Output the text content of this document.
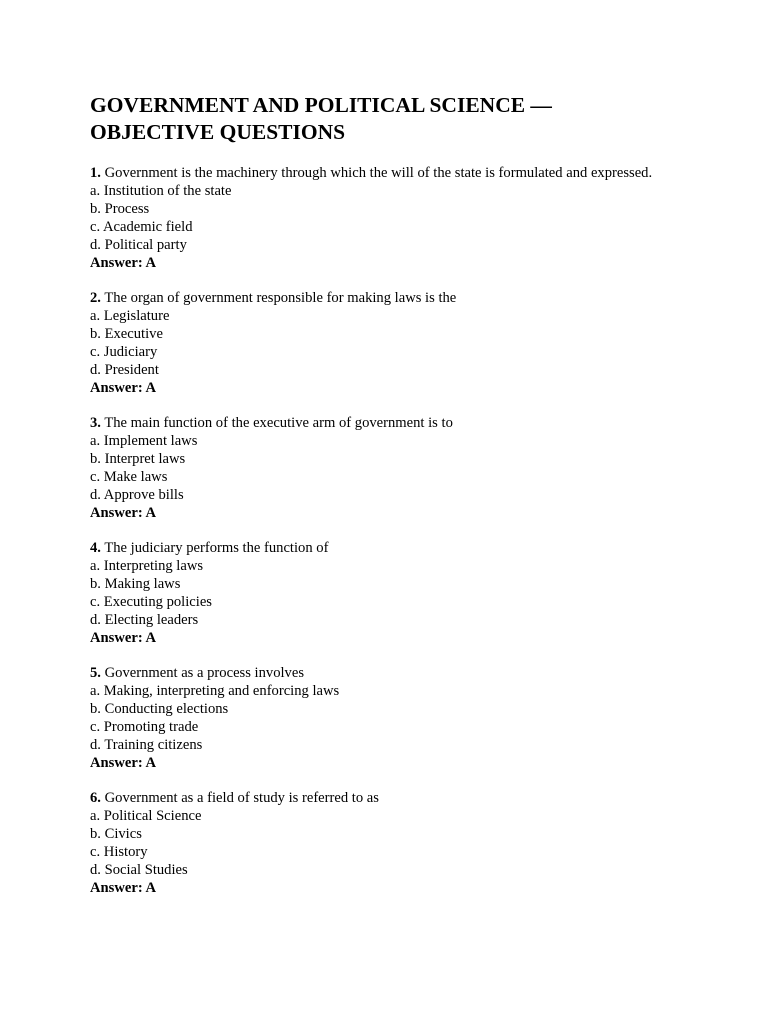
GOVERNMENT AND POLITICAL SCIENCE —
OBJECTIVE QUESTIONS
1. Government is the machinery through which the will of the state is formulated and expressed.
a. Institution of the state
b. Process
c. Academic field
d. Political party
Answer: A
2. The organ of government responsible for making laws is the
a. Legislature
b. Executive
c. Judiciary
d. President
Answer: A
3. The main function of the executive arm of government is to
a. Implement laws
b. Interpret laws
c. Make laws
d. Approve bills
Answer: A
4. The judiciary performs the function of
a. Interpreting laws
b. Making laws
c. Executing policies
d. Electing leaders
Answer: A
5. Government as a process involves
a. Making, interpreting and enforcing laws
b. Conducting elections
c. Promoting trade
d. Training citizens
Answer: A
6. Government as a field of study is referred to as
a. Political Science
b. Civics
c. History
d. Social Studies
Answer: A
